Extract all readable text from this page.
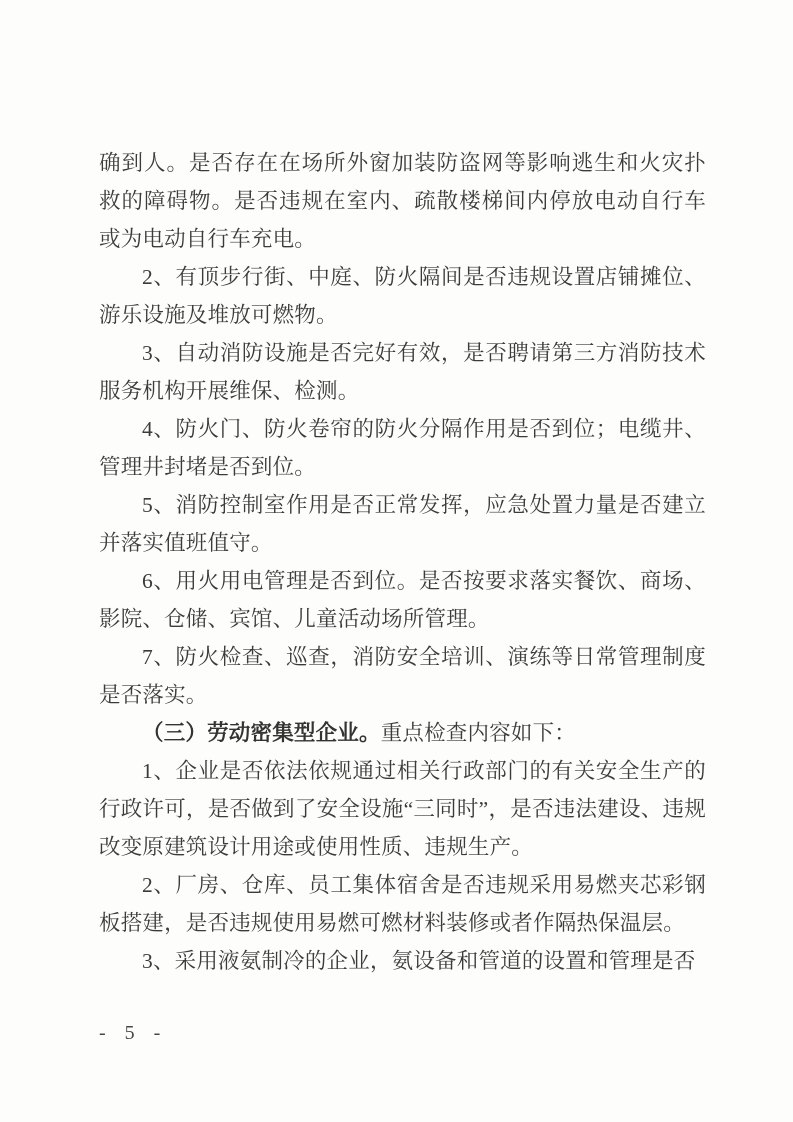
确到人。是否存在在场所外窗加装防盗网等影响逃生和火灾扑救的障碍物。是否违规在室内、疏散楼梯间内停放电动自行车或为电动自行车充电。

2、有顶步行街、中庭、防火隔间是否违规设置店铺摊位、游乐设施及堆放可燃物。

3、自动消防设施是否完好有效，是否聘请第三方消防技术服务机构开展维保、检测。

4、防火门、防火卷帘的防火分隔作用是否到位；电缆井、管理井封堵是否到位。

5、消防控制室作用是否正常发挥，应急处置力量是否建立并落实值班值守。

6、用火用电管理是否到位。是否按要求落实餐饮、商场、影院、仓储、宾馆、儿童活动场所管理。

7、防火检查、巡查，消防安全培训、演练等日常管理制度是否落实。

（三）劳动密集型企业。重点检查内容如下：

1、企业是否依法依规通过相关行政部门的有关安全生产的行政许可，是否做到了安全设施“三同时”，是否违法建设、违规改变原建筑设计用途或使用性质、违规生产。

2、厂房、仓库、员工集体宿舍是否违规采用易燃夹芯彩钢板搭建，是否违规使用易燃可燃材料装修或者作隔热保温层。

3、采用液氨制冷的企业，氨设备和管道的设置和管理是否

- 5 -
